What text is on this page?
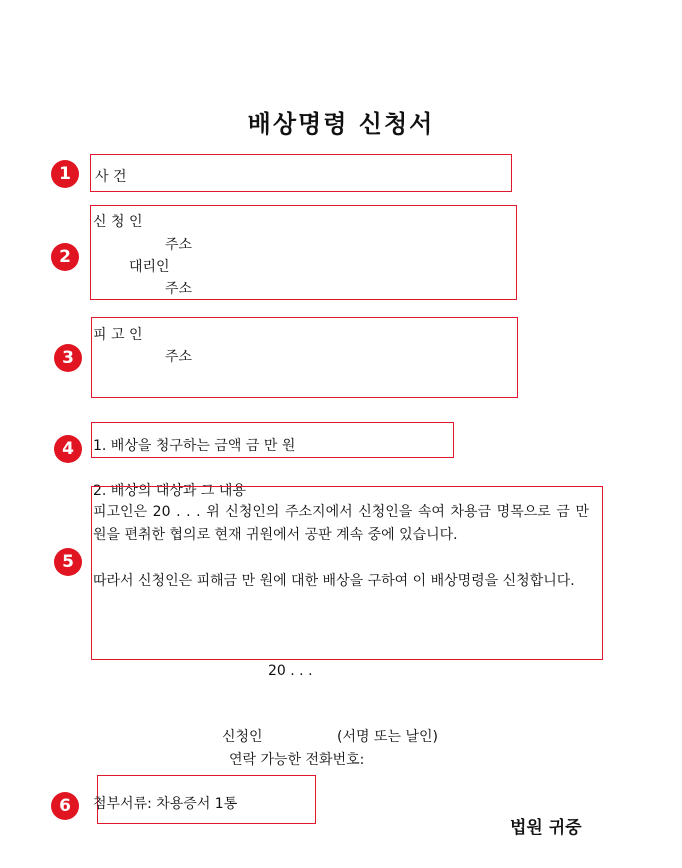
배상명령 신청서
1	사 건
2
신 청 인
주소
대리인
주소
3
피 고 인
주소
4	1. 배상을 청구하는 금액 금 만 원
5
2. 배상의 대상과 그 내용
피고인은 20 . . . 위 신청인의 주소지에서 신청인을 속여 차용금 명목으로 금 만 원을 편취한 협의로 현재 귀원에서 공판 계속 중에 있습니다.
따라서 신청인은 피해금 만 원에 대한 배상을 구하여 이 배상명령을 신청합니다.
20 . . .
신청인	(서명 또는 날인)
연락 가능한 전화번호:
6	첨부서류: 차용증서 1통
법원 귀중
